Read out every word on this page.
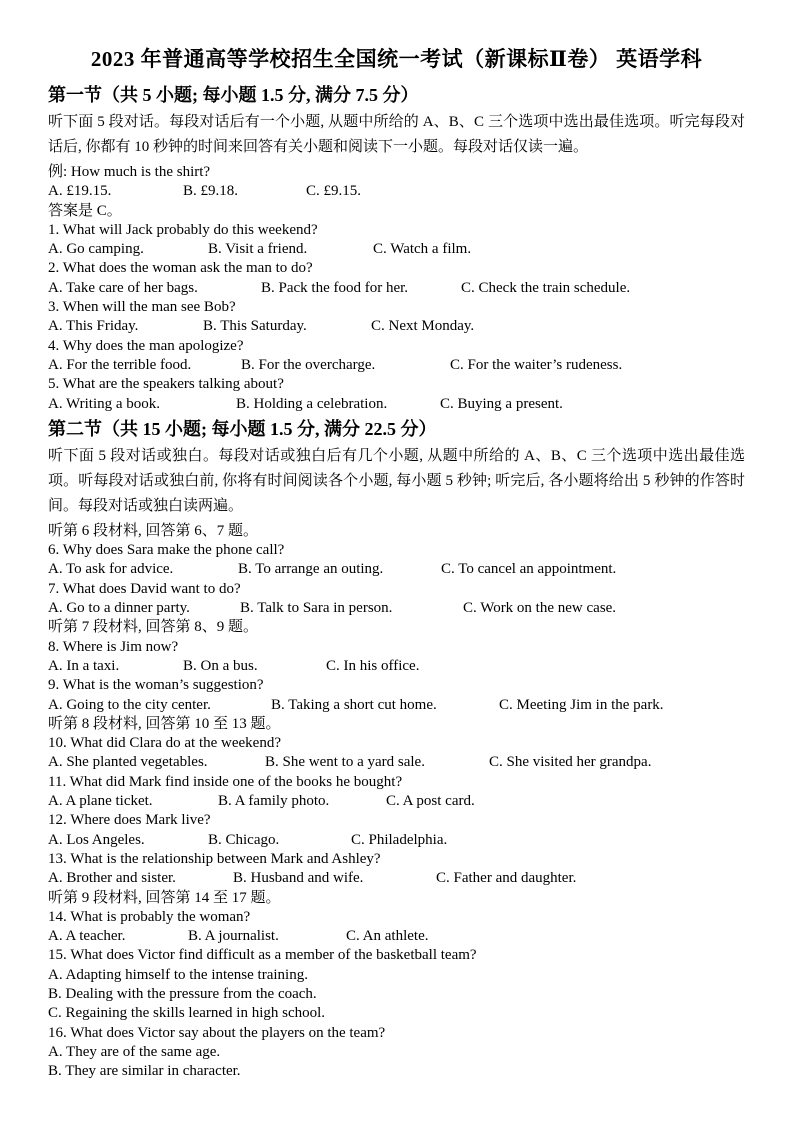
2023 年普通高等学校招生全国统一考试（新课标Ⅱ卷） 英语学科
第一节（共 5 小题; 每小题 1.5 分, 满分 7.5 分）

听下面 5 段对话。每段对话后有一个小题, 从题中所给的 A、B、C 三个选项中选出最佳选项。听完每段对话后, 你都有 10 秒钟的时间来回答有关小题和阅读下一小题。每段对话仅读一遍。

例: How much is the shirt?
A. £19.15.	B. £9.18.	C. £9.15.
答案是 C。
1. What will Jack probably do this weekend?
A. Go camping.	B. Visit a friend.	C. Watch a film.
2. What does the woman ask the man to do?
A. Take care of her bags.	B. Pack the food for her.	C. Check the train schedule.
3. When will the man see Bob?
A. This Friday.	B. This Saturday.	C. Next Monday.
4. Why does the man apologize?
A. For the terrible food.	B. For the overcharge.	C. For the waiter’s rudeness.
5. What are the speakers talking about?
A. Writing a book.	B. Holding a celebration.	C. Buying a present.
第二节（共 15 小题; 每小题 1.5 分, 满分 22.5 分）

听下面 5 段对话或独白。每段对话或独白后有几个小题, 从题中所给的 A、B、C 三个选项中选出最佳选项。听每段对话或独白前, 你将有时间阅读各个小题, 每小题 5 秒钟; 听完后, 各小题将给出 5 秒钟的作答时间。每段对话或独白读两遍。

听第 6 段材料, 回答第 6、7 题。
6. Why does Sara make the phone call?
A. To ask for advice.	B. To arrange an outing.	C. To cancel an appointment.
7. What does David want to do?
A. Go to a dinner party.	B. Talk to Sara in person.	C. Work on the new case.
听第 7 段材料, 回答第 8、9 题。
8. Where is Jim now?
A. In a taxi.	B. On a bus.	C. In his office.
9. What is the woman’s suggestion?
A. Going to the city center.	B. Taking a short cut home.	C. Meeting Jim in the park.
听第 8 段材料, 回答第 10 至 13 题。
10. What did Clara do at the weekend?
A. She planted vegetables.	B. She went to a yard sale.	C. She visited her grandpa.
11. What did Mark find inside one of the books he bought?
A. A plane ticket.	B. A family photo.	C. A post card.
12. Where does Mark live?
A. Los Angeles.	B. Chicago.	C. Philadelphia.
13. What is the relationship between Mark and Ashley?
A. Brother and sister.	B. Husband and wife.	C. Father and daughter.
听第 9 段材料, 回答第 14 至 17 题。
14. What is probably the woman?
A. A teacher.	B. A journalist.	C. An athlete.
15. What does Victor find difficult as a member of the basketball team?
A. Adapting himself to the intense training.
B. Dealing with the pressure from the coach.
C. Regaining the skills learned in high school.
16. What does Victor say about the players on the team?
A. They are of the same age.
B. They are similar in character.
